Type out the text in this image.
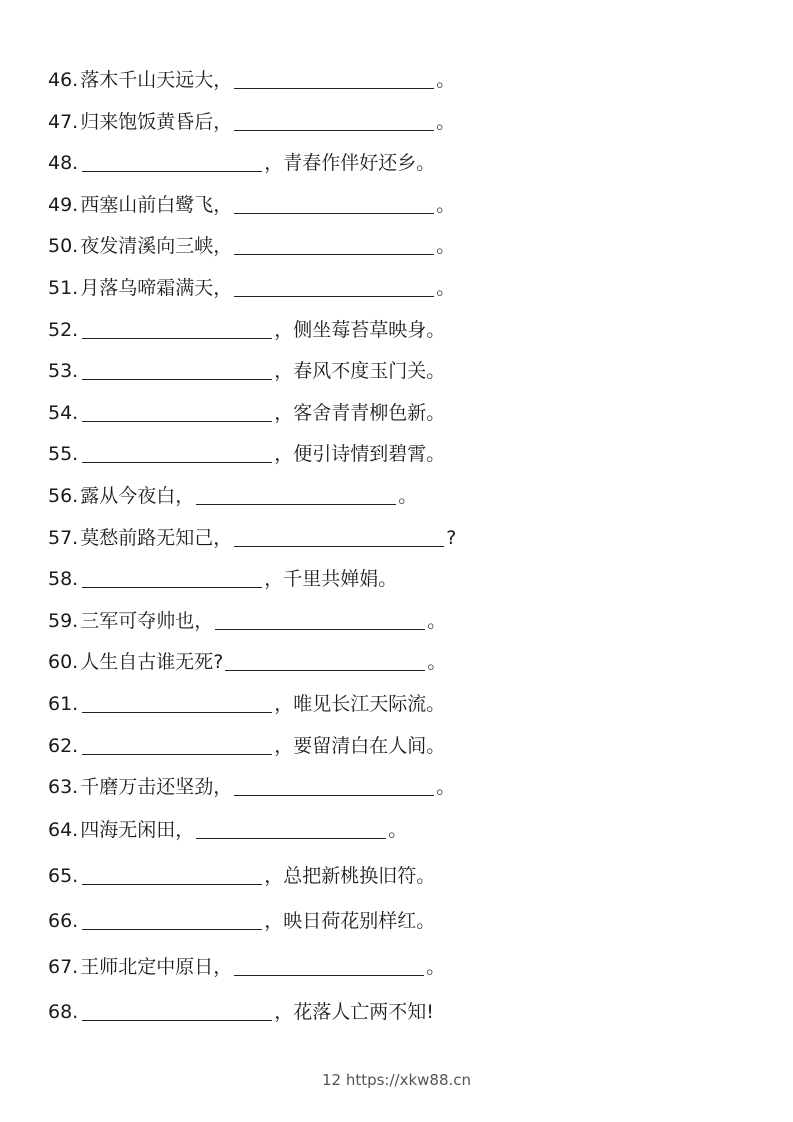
46. 落木千山天远大，	。
47. 归来饱饭黄昏后，	。
48.	，青春作伴好还乡。
49. 西塞山前白鹭飞，	。
50. 夜发清溪向三峡，	。
51. 月落乌啼霜满天，	。
52.	，侧坐莓苔草映身。
53.	，春风不度玉门关。
54.	，客舍青青柳色新。
55.	，便引诗情到碧霄。
56. 露从今夜白，	。
57. 莫愁前路无知己，	?
58.	，千里共婵娟。
59. 三军可夺帅也，	。
60. 人生自古谁无死?	。
61.	，唯见长江天际流。
62.	，要留清白在人间。
63. 千磨万击还坚劲，	。
64. 四海无闲田，	。
65.	，总把新桃换旧符。
66.	，映日荷花别样红。
67. 王师北定中原日，	。
68.	，花落人亡两不知!
12 https://xkw88.cn
